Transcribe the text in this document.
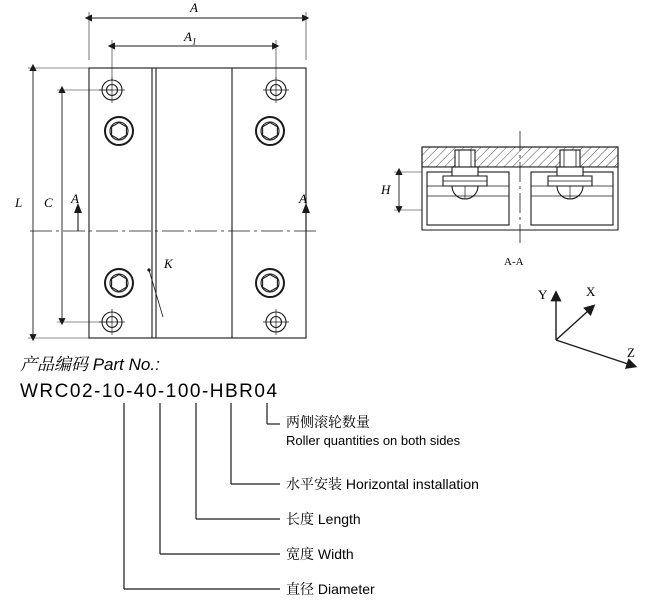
A
$A_1$
L C
K
A	A
H
A-A
X
Y
Z
产品编码 Part No.:
WRC02-10-40-100-HBR04
两侧滚轮数量
Roller quantities on both sides
水平安装 Horizontal installation
长度 Length
宽度 Width
直径 Diameter
